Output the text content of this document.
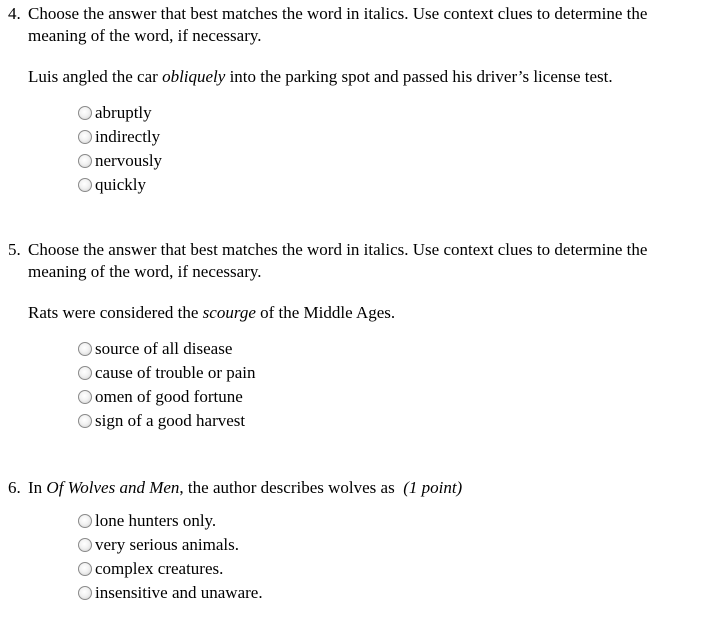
4. Choose the answer that best matches the word in italics. Use context clues to determine the
meaning of the word, if necessary.
Luis angled the car obliquely into the parking spot and passed his driver’s license test.
abruptly
indirectly
nervously
quickly
5. Choose the answer that best matches the word in italics. Use context clues to determine the
meaning of the word, if necessary.
Rats were considered the scourge of the Middle Ages.
source of all disease
cause of trouble or pain
omen of good fortune
sign of a good harvest
6. In Of Wolves and Men, the author describes wolves as  (1 point)
lone hunters only.
very serious animals.
complex creatures.
insensitive and unaware.
